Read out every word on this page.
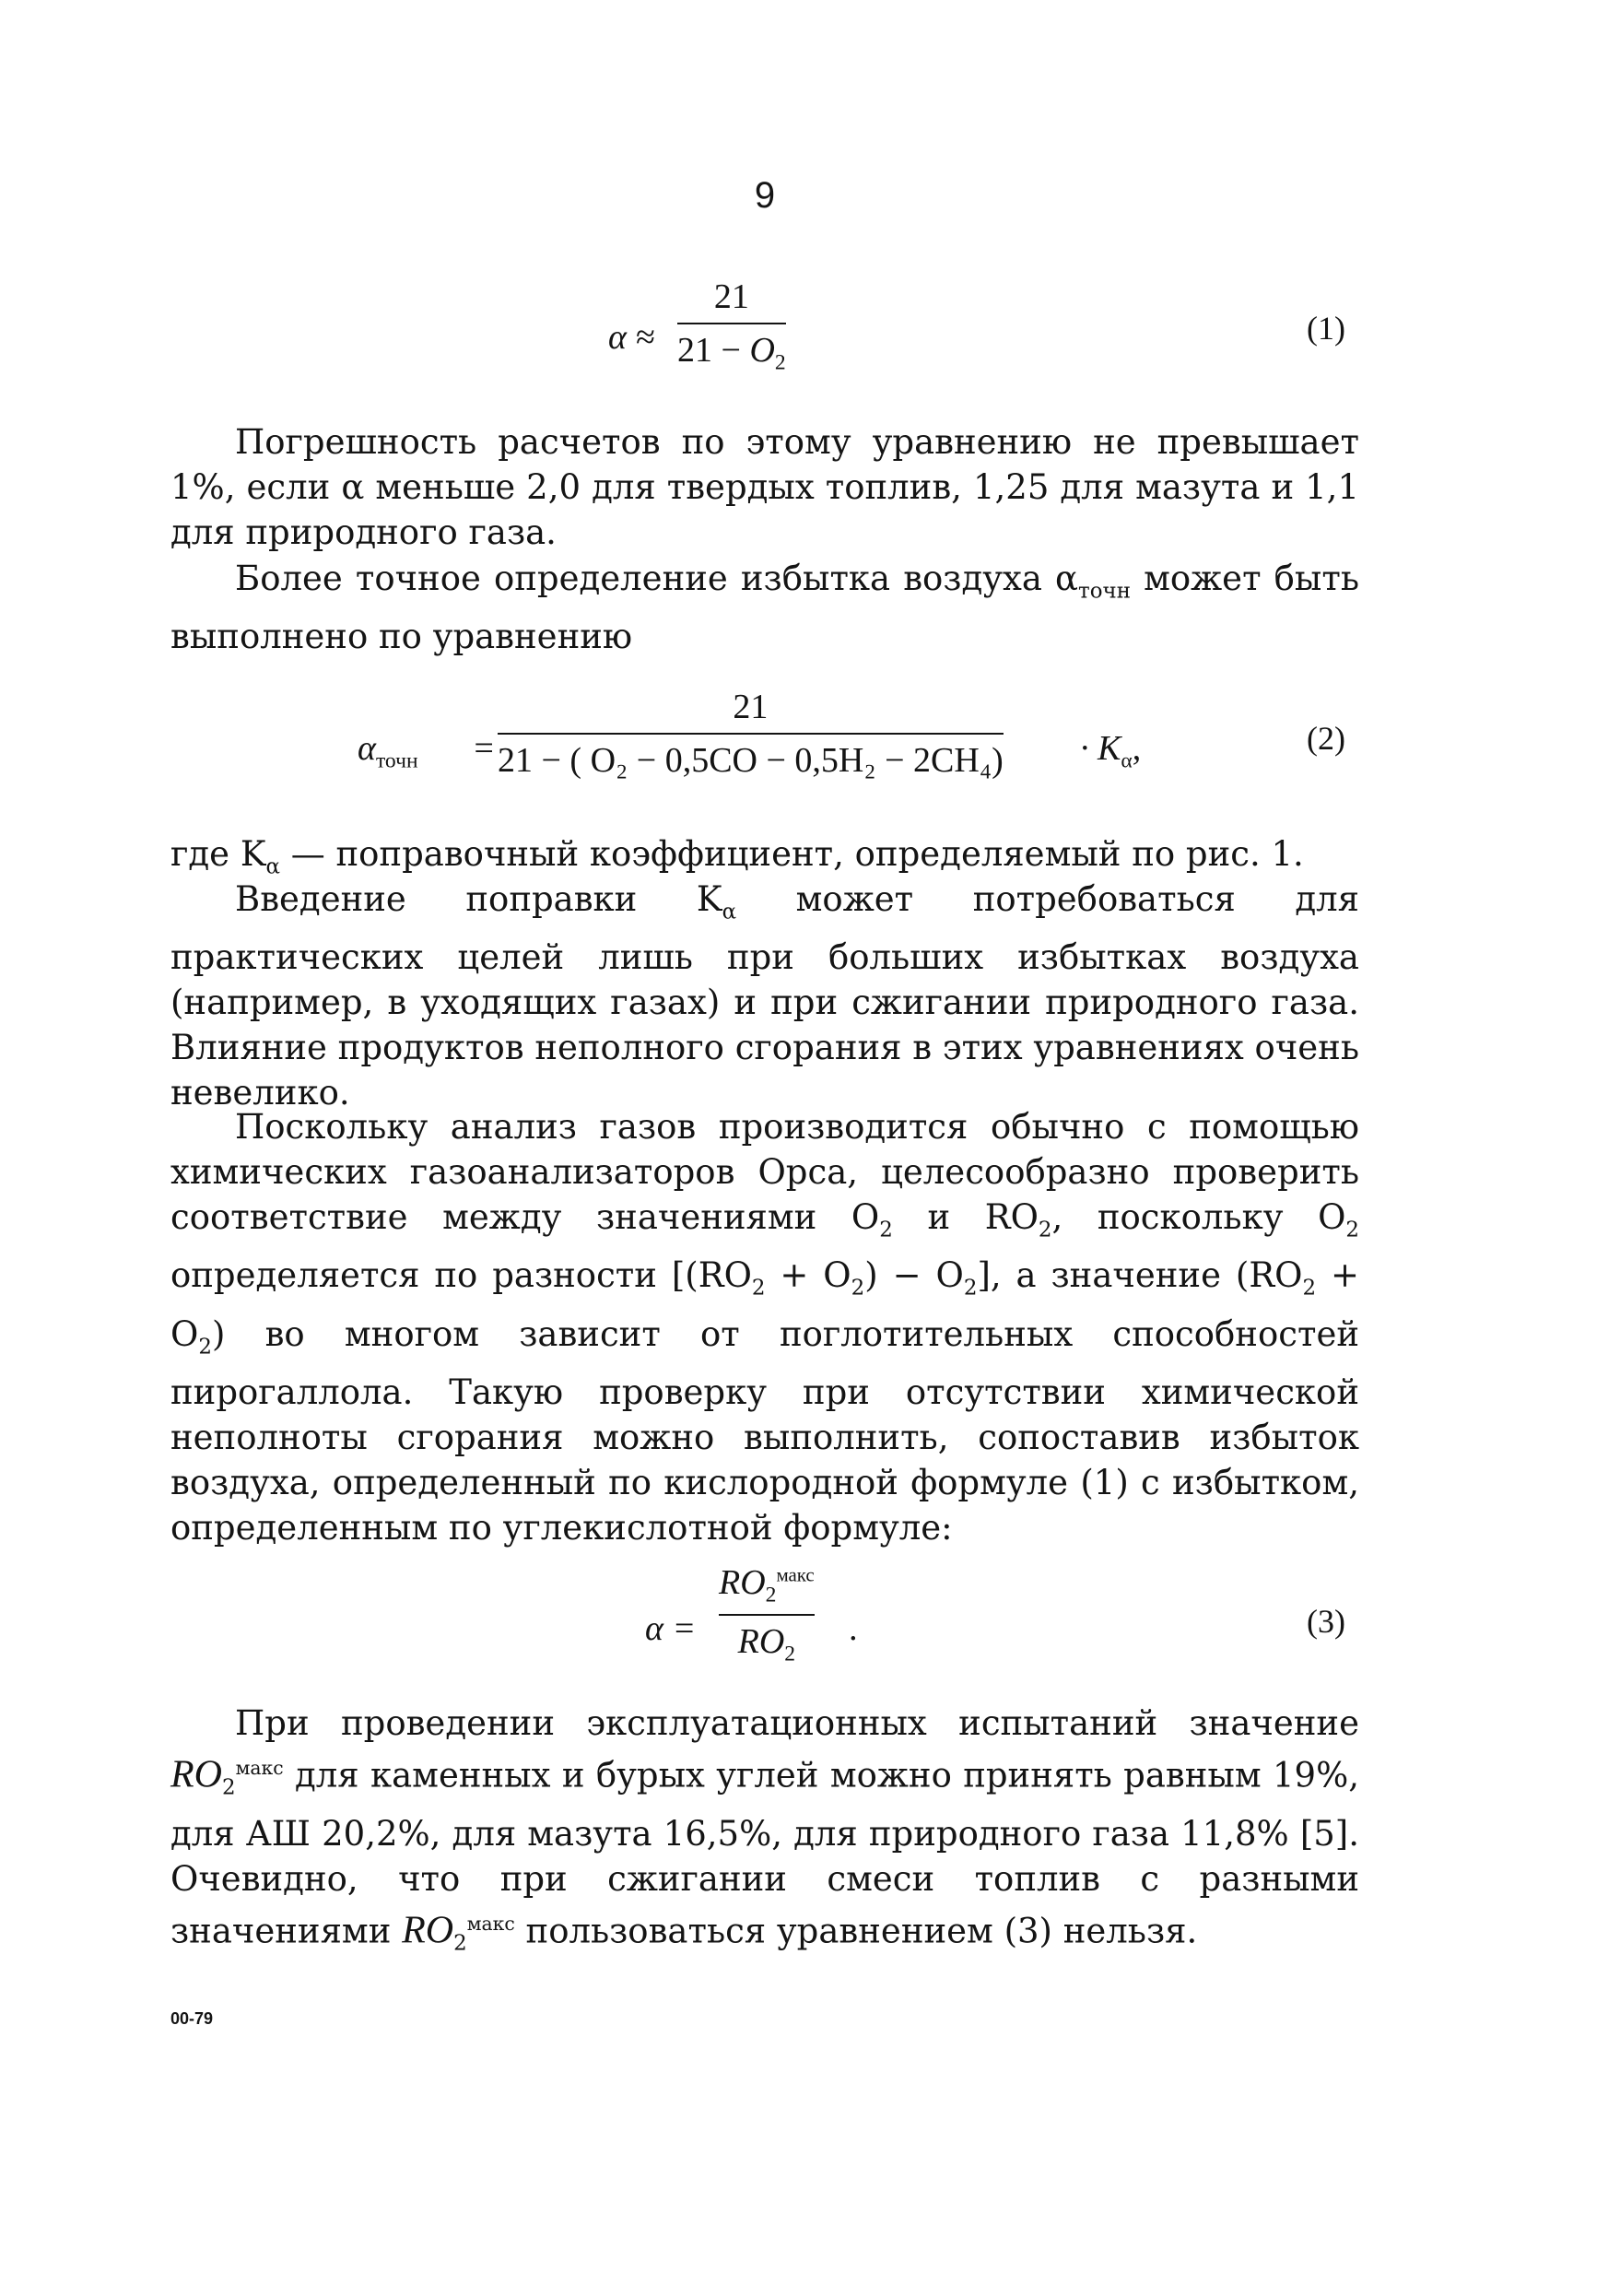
9
$\alpha \approx \frac{21}{21 - O_2}$	(1)
Погрешность расчетов по этому уравнению не превышает 1%, если α меньше 2,0 для твердых топлив, 1,25 для мазута и 1,1 для природного газа.
Более точное определение избытка воздуха $\alpha_{точн}$ может быть выполнено по уравнению
$\alpha_{точн} = \frac{21}{\text{21 − ( O₂ − 0,5CO − 0,5H₂ − 2CH₄)}} \cdot K_\alpha$,	(2)
где $K_\alpha$ — поправочный коэффициент, определяемый по рис. 1.
Введение поправки $K_\alpha$ может потребоваться для практических целей лишь при больших избытках воздуха (например, в уходящих газах) и при сжигании природного газа. Влияние продуктов неполного сгорания в этих уравнениях очень невелико.
Поскольку анализ газов производится обычно с помощью химических газоанализаторов Орса, целесообразно проверить соответствие между значениями $O_2$ и $RO_2$, поскольку $O_2$ определяется по разности $[(RO_2 + O_2) - O_2]$, а значение $(RO_2 + O_2)$ во многом зависит от поглотительных способностей пирогаллола. Такую проверку при отсутствии химической неполноты сгорания можно выполнить, сопоставив избыток воздуха, определенный по кислородной формуле (1) с избытком, определенным по углекислотной формуле:
α =
$RO_2^{макс}$
$RO_2$
.	(3)
При проведении эксплуатационных испытаний значение $RO_2^{макс}$ для каменных и бурых углей можно принять равным 19%, для АШ 20,2%, для мазута 16,5%, для природного газа 11,8% [5]. Очевидно, что при сжигании смеси топлив с разными значениями $RO_2^{макс}$ пользоваться уравнением (3) нельзя.
00-79
